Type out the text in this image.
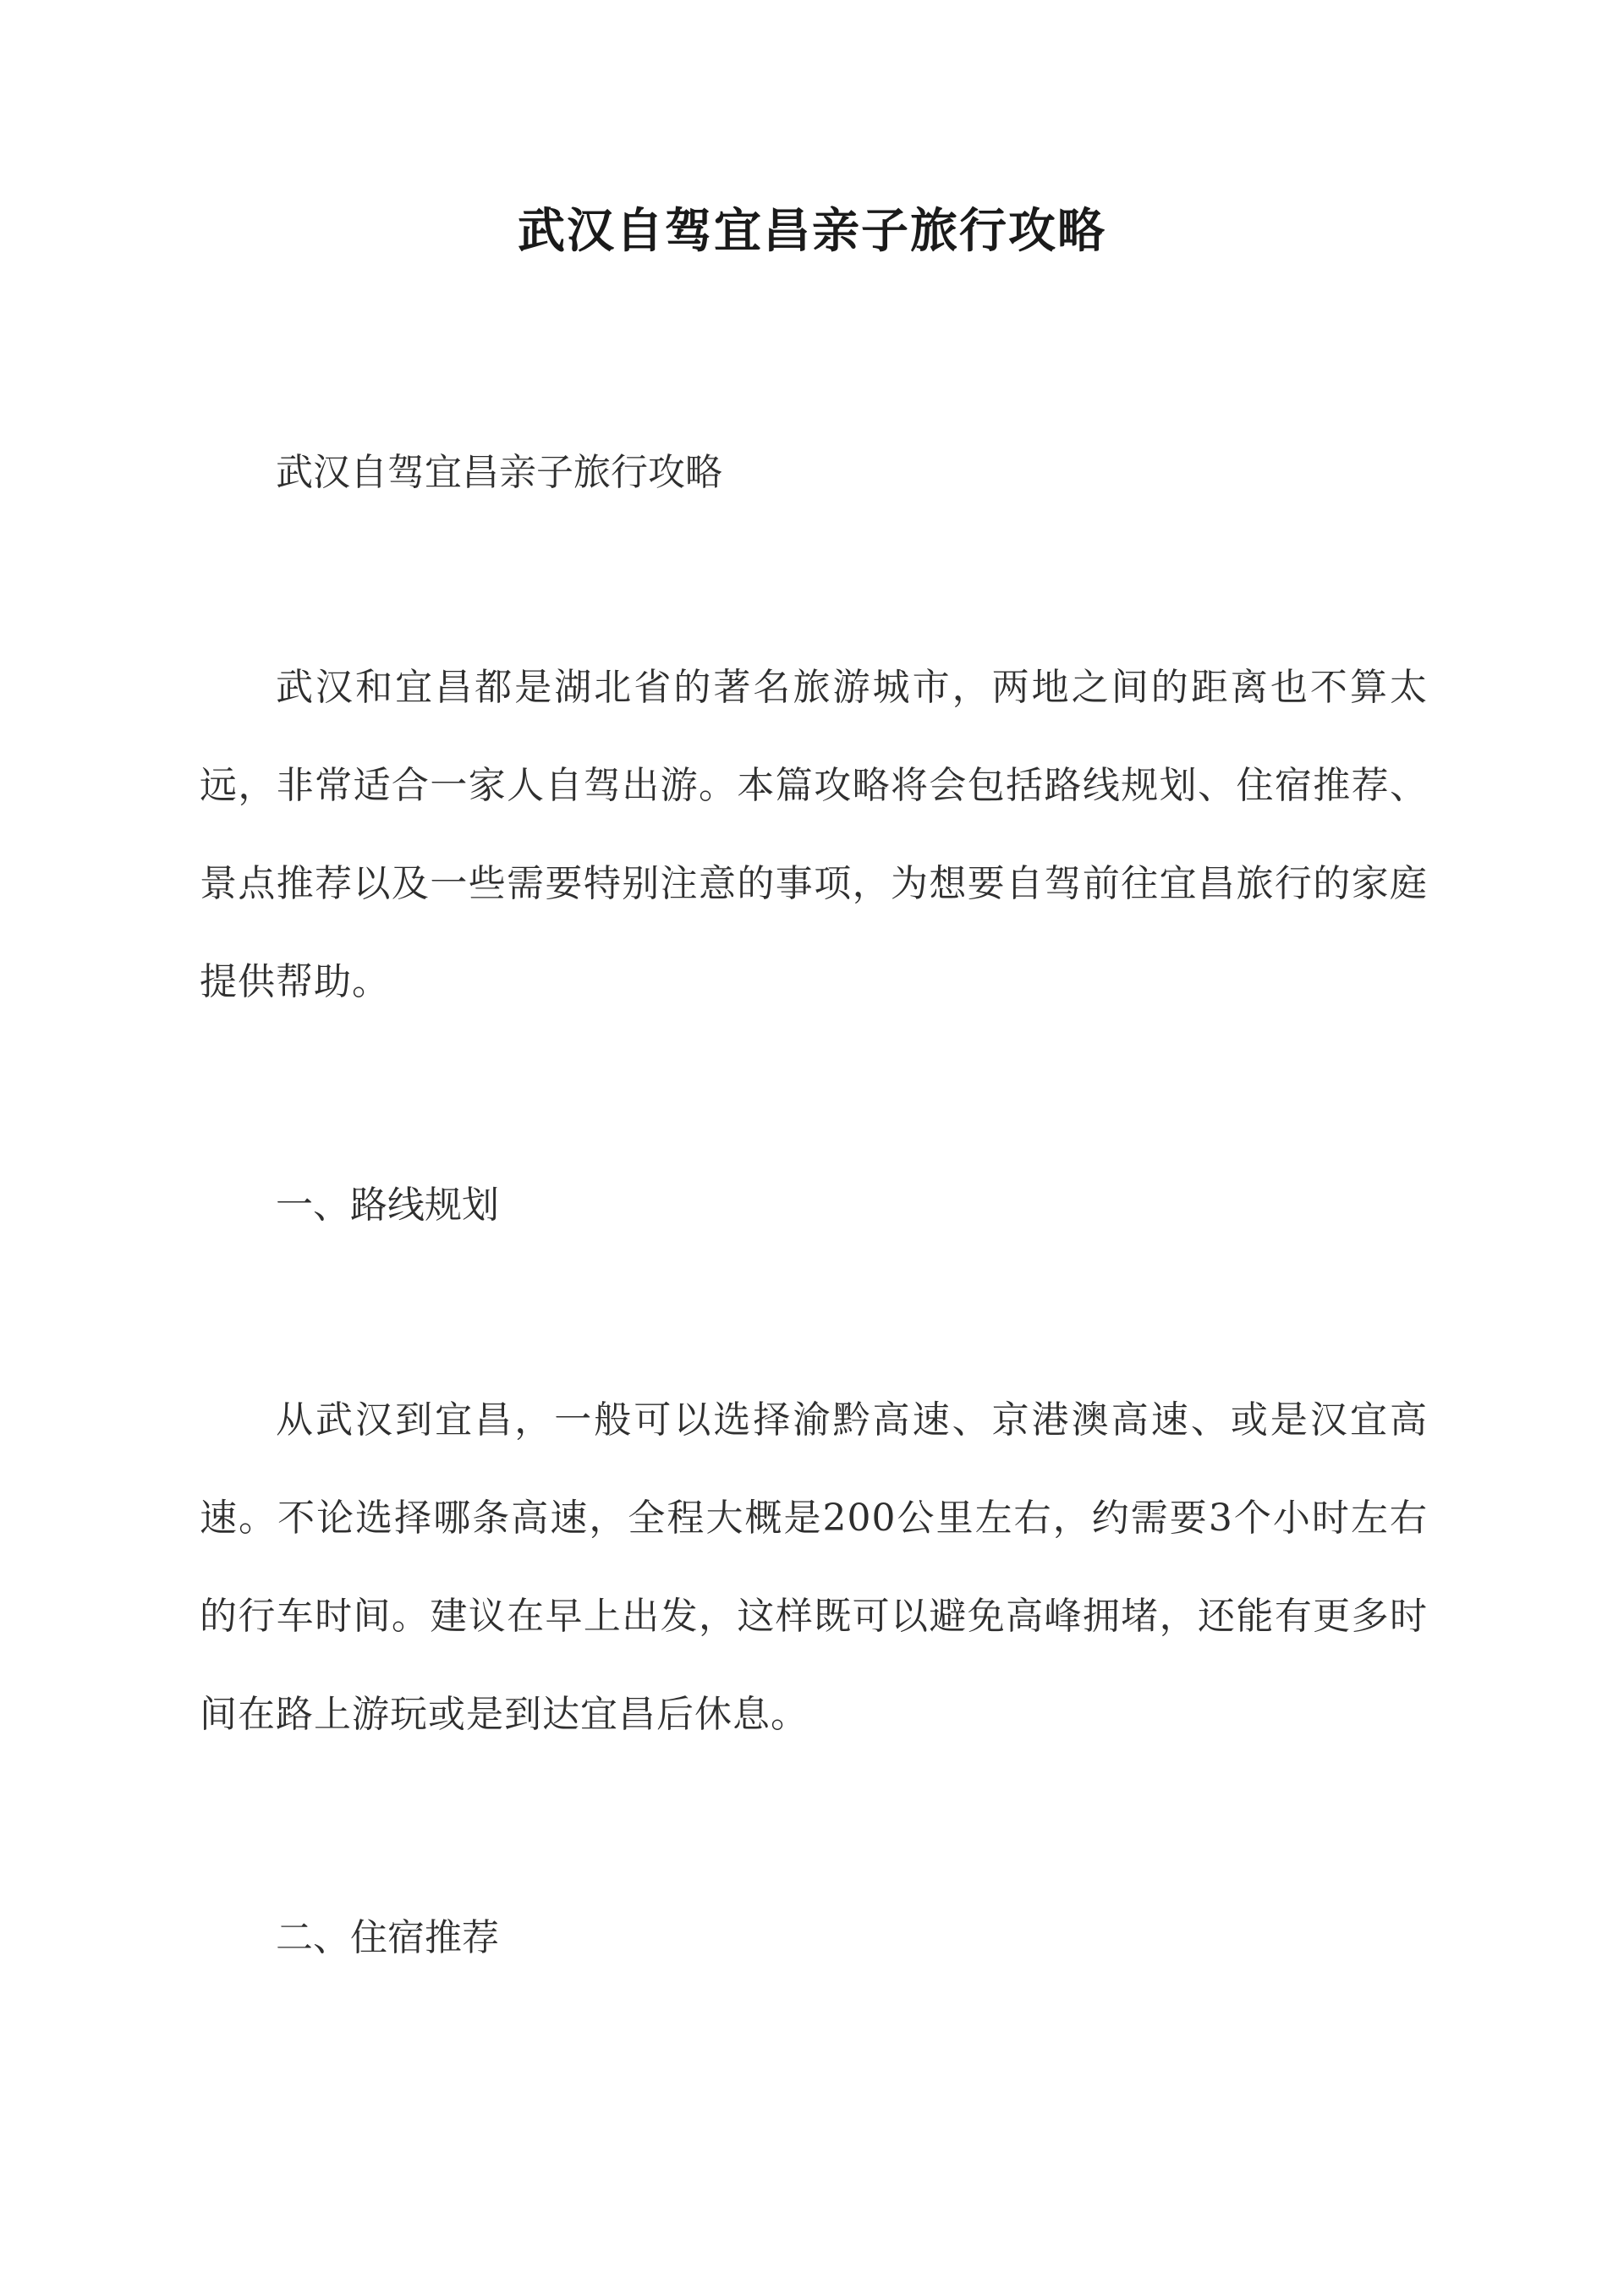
武汉自驾宜昌亲子旅行攻略
武汉自驾宜昌亲子旅行攻略
武汉和宜昌都是湖北省的著名旅游城市，两地之间的距离也不算太远，非常适合一家人自驾出游。本篇攻略将会包括路线规划、住宿推荐、景点推荐以及一些需要特别注意的事项，为想要自驾前往宜昌旅行的家庭提供帮助。
一、路线规划
从武汉到宜昌，一般可以选择渝黔高速、京港澳高速、或是汉宜高速。不论选择哪条高速，全程大概是200公里左右，约需要3个小时左右的行车时间。建议在早上出发，这样既可以避免高峰拥堵，还能有更多时间在路上游玩或是到达宜昌后休息。
二、住宿推荐
